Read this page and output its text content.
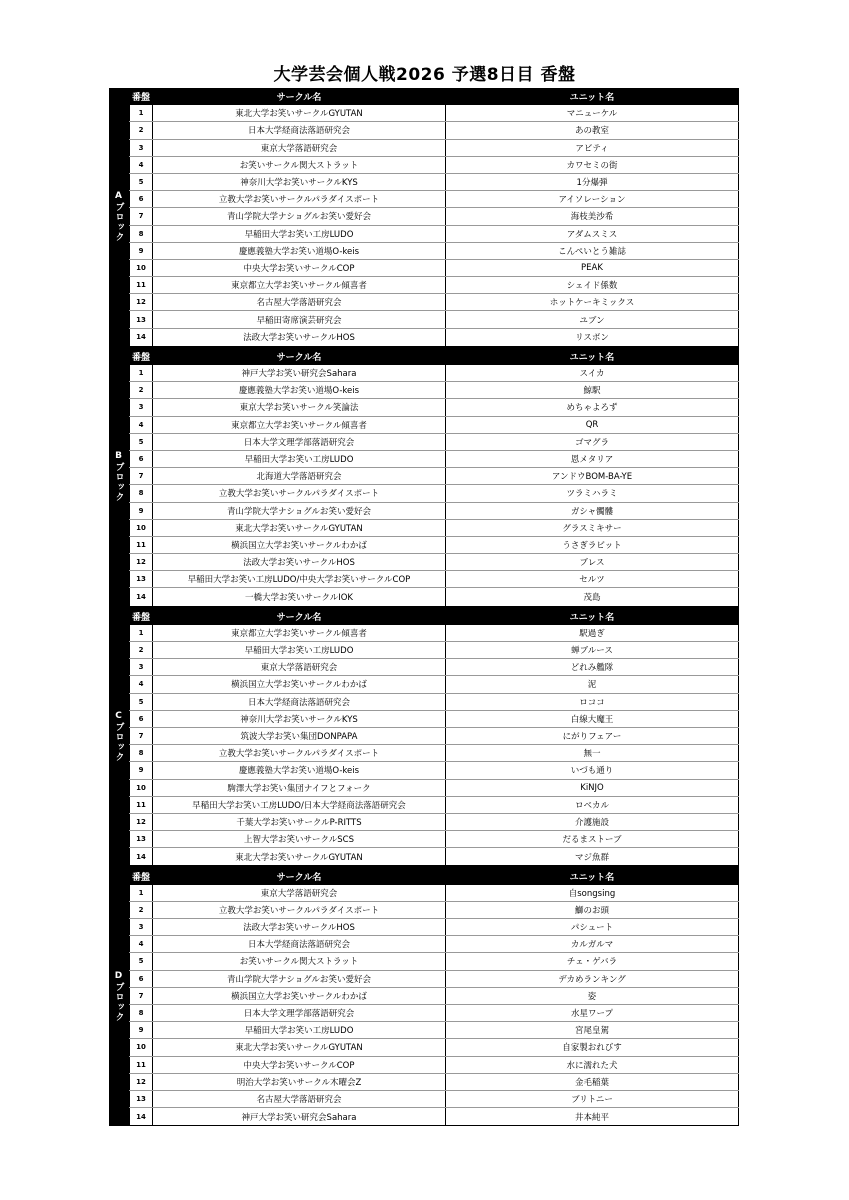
大学芸会個人戦2026 予選8日目 香盤
Aブロック
番盤	サークル名	ユニット名
1	東北大学お笑いサークルGYUTAN	マニューケル
2	日本大学経商法落語研究会	あの教室
3	東京大学落語研究会	アビティ
4	お笑いサークル関大ストラット	カワセミの街
5	神奈川大学お笑いサークルKYS	1分爆弾
6	立教大学お笑いサークルパラダイスポート	アイソレーション
7	青山学院大学ナショグルお笑い愛好会	海枝美沙希
8	早稲田大学お笑い工房LUDO	アダムスミス
9	慶應義塾大学お笑い道場O-keis	こんぺいとう雑誌
10	中央大学お笑いサークルCOP	PEAK
11	東京都立大学お笑いサークル傾喜者	シェイド係数
12	名古屋大学落語研究会	ホットケーキミックス
13	早稲田寄席演芸研究会	ユブン
14	法政大学お笑いサークルHOS	リスボン
Bブロック
番盤	サークル名	ユニット名
1	神戸大学お笑い研究会Sahara	スイカ
2	慶應義塾大学お笑い道場O-keis	鯨駅
3	東京大学お笑いサークル笑論法	めちゃよろず
4	東京都立大学お笑いサークル傾喜者	QR
5	日本大学文理学部落語研究会	ゴマグラ
6	早稲田大学お笑い工房LUDO	恩メタリア
7	北海道大学落語研究会	アンドウBOM-BA-YE
8	立教大学お笑いサークルパラダイスポート	ツラミハラミ
9	青山学院大学ナショグルお笑い愛好会	ガシャ髑髏
10	東北大学お笑いサークルGYUTAN	グラスミキサー
11	横浜国立大学お笑いサークルわかば	うさぎラビット
12	法政大学お笑いサークルHOS	ブレス
13	早稲田大学お笑い工房LUDO/中央大学お笑いサークルCOP	セルツ
14	一橋大学お笑いサークルIOK	茂島
Cブロック
番盤	サークル名	ユニット名
1	東京都立大学お笑いサークル傾喜者	駅過ぎ
2	早稲田大学お笑い工房LUDO	蝉ブルース
3	東京大学落語研究会	どれみ艦隊
4	横浜国立大学お笑いサークルわかば	泥
5	日本大学経商法落語研究会	ロココ
6	神奈川大学お笑いサークルKYS	白線大魔王
7	筑波大学お笑い集団DONPAPA	にがりフェアー
8	立教大学お笑いサークルパラダイスポート	無一
9	慶應義塾大学お笑い道場O-keis	いづも通り
10	駒澤大学お笑い集団ナイフとフォーク	KiNJO
11	早稲田大学お笑い工房LUDO/日本大学経商法落語研究会	ロベカル
12	千葉大学お笑いサークルP-RITTS	介護施設
13	上智大学お笑いサークルSCS	だるまストーブ
14	東北大学お笑いサークルGYUTAN	マジ魚群
Dブロック
番盤	サークル名	ユニット名
1	東京大学落語研究会	自songsing
2	立教大学お笑いサークルパラダイスポート	鰤のお頭
3	法政大学お笑いサークルHOS	パシュート
4	日本大学経商法落語研究会	カルガルマ
5	お笑いサークル関大ストラット	チェ・ゲバラ
6	青山学院大学ナショグルお笑い愛好会	デカめランキング
7	横浜国立大学お笑いサークルわかば	姿
8	日本大学文理学部落語研究会	水星ワープ
9	早稲田大学お笑い工房LUDO	宮尾皇駕
10	東北大学お笑いサークルGYUTAN	自家製おれびす
11	中央大学お笑いサークルCOP	水に濡れた犬
12	明治大学お笑いサークル木曜会Z	金毛稲葉
13	名古屋大学落語研究会	ブリトニー
14	神戸大学お笑い研究会Sahara	井本純平
